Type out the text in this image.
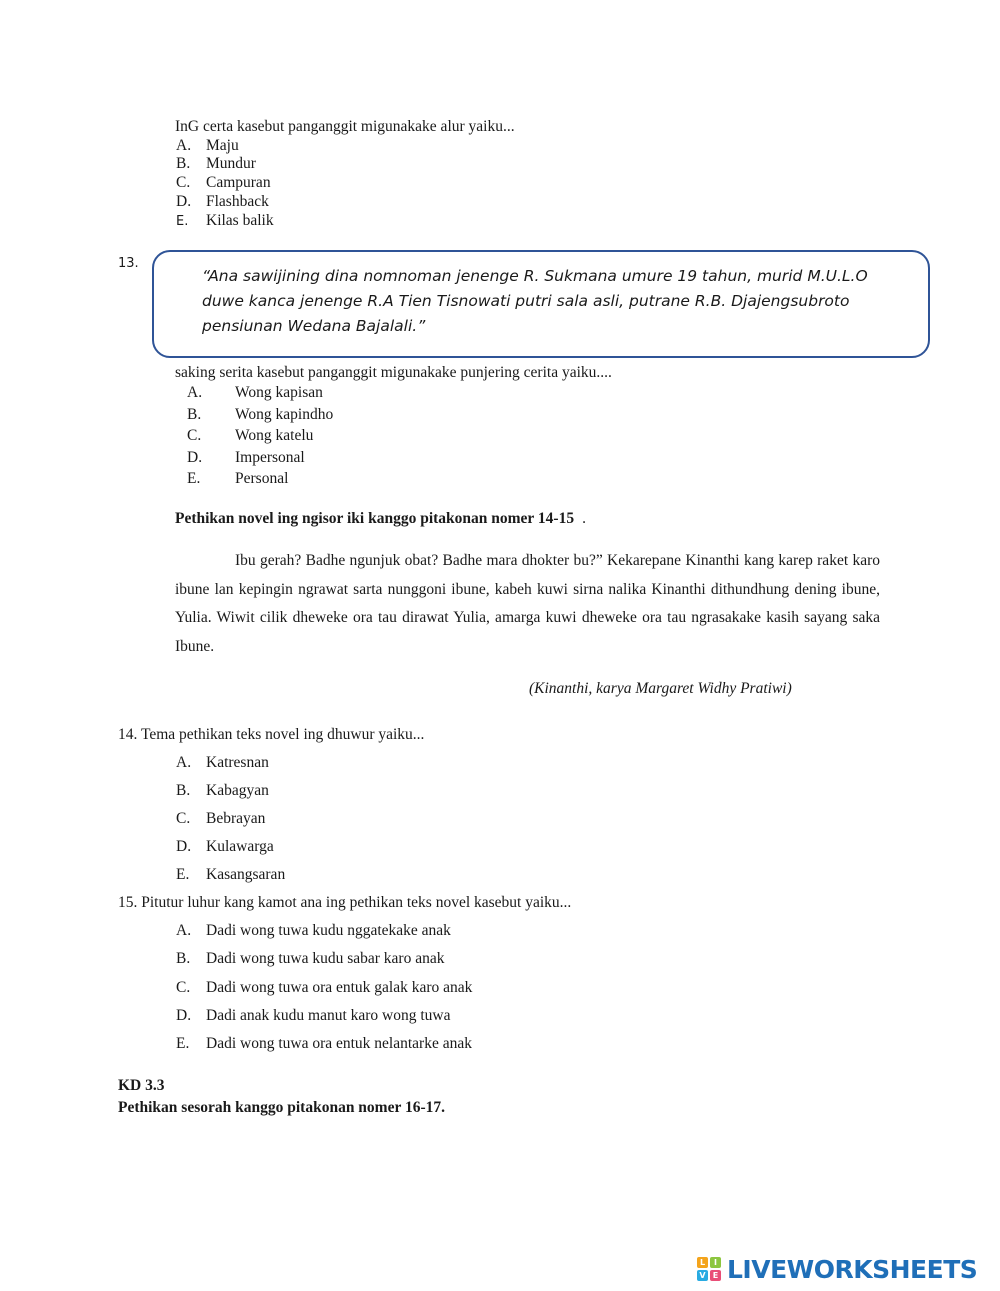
InG certa kasebut panganggit migunakake alur yaiku...
A. Maju
B. Mundur
C. Campuran
D. Flashback
E. Kilas balik
13.
“Ana sawijining dina nomnoman jenenge R. Sukmana umure 19 tahun, murid M.U.L.O duwe kanca jenenge R.A Tien Tisnowati putri sala asli, putrane R.B. Djajengsubroto pensiunan Wedana Bajalali.”
saking serita kasebut panganggit migunakake punjering cerita yaiku....
A. Wong kapisan
B. Wong kapindho
C. Wong katelu
D. Impersonal
E. Personal
Pethikan novel ing ngisor iki kanggo pitakonan nomer 14-15 .
Ibu gerah? Badhe ngunjuk obat? Badhe mara dhokter bu?” Kekarepane Kinanthi kang karep raket karo ibune lan kepingin ngrawat sarta nunggoni ibune, kabeh kuwi sirna nalika Kinanthi dithundhung dening ibune, Yulia. Wiwit cilik dheweke ora tau dirawat Yulia, amarga kuwi dheweke ora tau ngrasakake kasih sayang saka Ibune.
(Kinanthi, karya Margaret Widhy Pratiwi)
14. Tema pethikan teks novel ing dhuwur yaiku...
A. Katresnan
B. Kabagyan
C. Bebrayan
D. Kulawarga
E. Kasangsaran
15. Pitutur luhur kang kamot ana ing pethikan teks novel kasebut yaiku...
A. Dadi wong tuwa kudu nggatekake anak
B. Dadi wong tuwa kudu sabar karo anak
C. Dadi wong tuwa ora entuk galak karo anak
D. Dadi anak kudu manut karo wong tuwa
E. Dadi wong tuwa ora entuk nelantarke anak
KD 3.3
Pethikan sesorah kanggo pitakonan nomer 16-17.
L	I
V E LIVEWORKSHEETS
